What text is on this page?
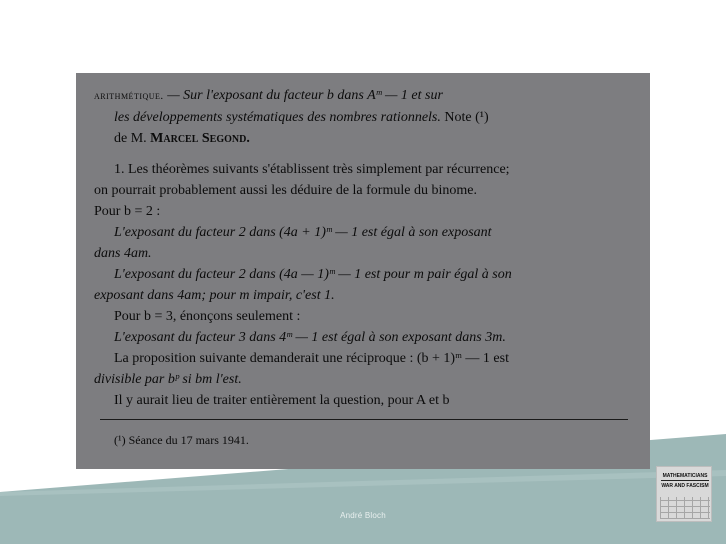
arithmétique. — Sur l'exposant du facteur b dans Aᵐ — 1 et sur
les développements systématiques des nombres rationnels. Note (¹)
de M. Marcel Segond.
1. Les théorèmes suivants s'établissent très simplement par récurrence;
on pourrait probablement aussi les déduire de la formule du binome.
Pour b = 2 :
L'exposant du facteur 2 dans (4a + 1)ᵐ — 1 est égal à son exposant
dans 4am.
L'exposant du facteur 2 dans (4a — 1)ᵐ — 1 est pour m pair égal à son
exposant dans 4am; pour m impair, c'est 1.
Pour b = 3, énonçons seulement :
L'exposant du facteur 3 dans 4ᵐ — 1 est égal à son exposant dans 3m.
La proposition suivante demanderait une réciproque : (b + 1)ᵐ — 1 est
divisible par bᵖ si bm l'est.
Il y aurait lieu de traiter entièrement la question, pour A et b
(¹) Séance du 17 mars 1941.
André Bloch
MATHEMATICIANS
WAR AND FASCISM
